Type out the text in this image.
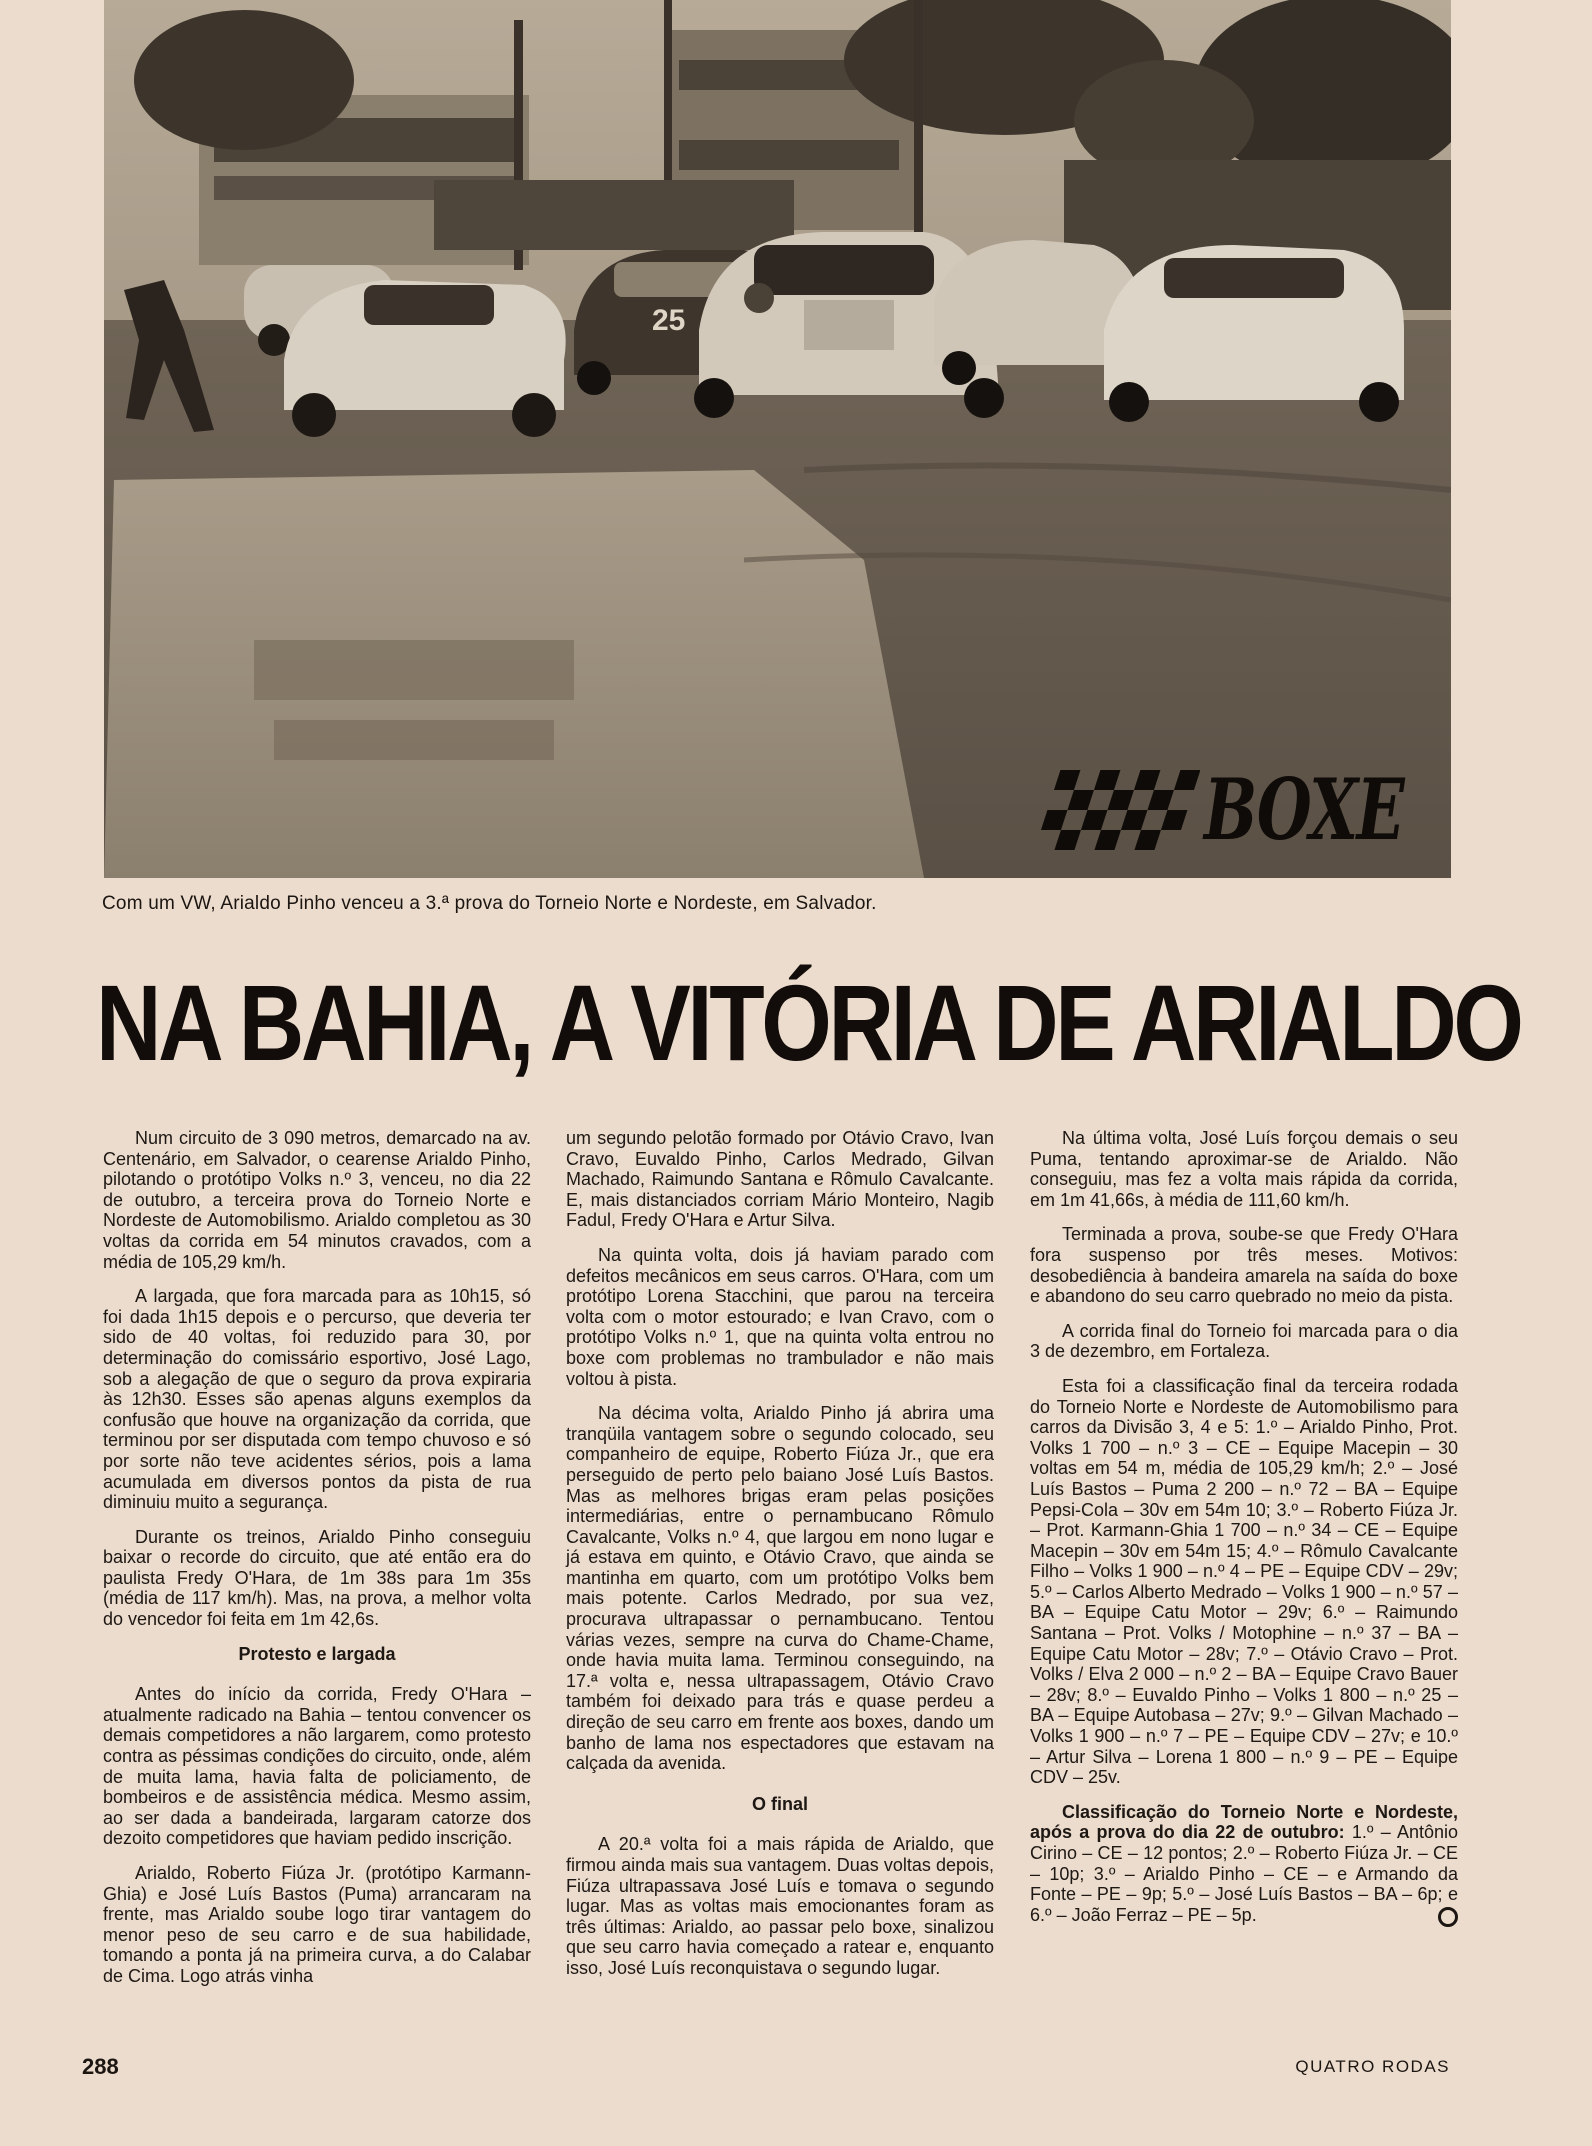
25
BOXE
Com um VW, Arialdo Pinho venceu a 3.ª prova do Torneio Norte e Nordeste, em Salvador.
NA BAHIA, A VITÓRIA DE ARIALDO

Num circuito de 3 090 metros, demarcado na av. Centenário, em Salvador, o cearense Arialdo Pinho, pilotando o protótipo Volks n.º 3, venceu, no dia 22 de outubro, a terceira prova do Torneio Norte e Nordeste de Automobilismo. Arialdo completou as 30 voltas da corrida em 54 minutos cravados, com a média de 105,29 km/h.

A largada, que fora marcada para as 10h15, só foi dada 1h15 depois e o percurso, que deveria ter sido de 40 voltas, foi reduzido para 30, por determinação do comissário esportivo, José Lago, sob a alegação de que o seguro da prova expiraria às 12h30. Esses são apenas alguns exemplos da confusão que houve na organização da corrida, que terminou por ser disputada com tempo chuvoso e só por sorte não teve acidentes sérios, pois a lama acumulada em diversos pontos da pista de rua diminuiu muito a segurança.

Durante os treinos, Arialdo Pinho conseguiu baixar o recorde do circuito, que até então era do paulista Fredy O'Hara, de 1m 38s para 1m 35s (média de 117 km/h). Mas, na prova, a melhor volta do vencedor foi feita em 1m 42,6s.

Protesto e largada

Antes do início da corrida, Fredy O'Hara – atualmente radicado na Bahia – tentou convencer os demais competidores a não largarem, como protesto contra as péssimas condições do circuito, onde, além de muita lama, havia falta de policiamento, de bombeiros e de assistência médica. Mesmo assim, ao ser dada a bandeirada, largaram catorze dos dezoito competidores que haviam pedido inscrição.

Arialdo, Roberto Fiúza Jr. (protótipo Karmann-Ghia) e José Luís Bastos (Puma) arrancaram na frente, mas Arialdo soube logo tirar vantagem do menor peso de seu carro e de sua habilidade, tomando a ponta já na primeira curva, a do Calabar de Cima. Logo atrás vinha

um segundo pelotão formado por Otávio Cravo, Ivan Cravo, Euvaldo Pinho, Carlos Medrado, Gilvan Machado, Raimundo Santana e Rômulo Cavalcante. E, mais distanciados corriam Mário Monteiro, Nagib Fadul, Fredy O'Hara e Artur Silva.

Na quinta volta, dois já haviam parado com defeitos mecânicos em seus carros. O'Hara, com um protótipo Lorena Stacchini, que parou na terceira volta com o motor estourado; e Ivan Cravo, com o protótipo Volks n.º 1, que na quinta volta entrou no boxe com problemas no trambulador e não mais voltou à pista.

Na décima volta, Arialdo Pinho já abrira uma tranqüila vantagem sobre o segundo colocado, seu companheiro de equipe, Roberto Fiúza Jr., que era perseguido de perto pelo baiano José Luís Bastos. Mas as melhores brigas eram pelas posições intermediárias, entre o pernambucano Rômulo Cavalcante, Volks n.º 4, que largou em nono lugar e já estava em quinto, e Otávio Cravo, que ainda se mantinha em quarto, com um protótipo Volks bem mais potente. Carlos Medrado, por sua vez, procurava ultrapassar o pernambucano. Tentou várias vezes, sempre na curva do Chame-Chame, onde havia muita lama. Terminou conseguindo, na 17.ª volta e, nessa ultrapassagem, Otávio Cravo também foi deixado para trás e quase perdeu a direção de seu carro em frente aos boxes, dando um banho de lama nos espectadores que estavam na calçada da avenida.

O final

A 20.ª volta foi a mais rápida de Arialdo, que firmou ainda mais sua vantagem. Duas voltas depois, Fiúza ultrapassava José Luís e tomava o segundo lugar. Mas as voltas mais emocionantes foram as três últimas: Arialdo, ao passar pelo boxe, sinalizou que seu carro havia começado a ratear e, enquanto isso, José Luís reconquistava o segundo lugar.

Na última volta, José Luís forçou demais o seu Puma, tentando aproximar-se de Arialdo. Não conseguiu, mas fez a volta mais rápida da corrida, em 1m 41,66s, à média de 111,60 km/h.

Terminada a prova, soube-se que Fredy O'Hara fora suspenso por três meses. Motivos: desobediência à bandeira amarela na saída do boxe e abandono do seu carro quebrado no meio da pista.

A corrida final do Torneio foi marcada para o dia 3 de dezembro, em Fortaleza.

Esta foi a classificação final da terceira rodada do Torneio Norte e Nordeste de Automobilismo para carros da Divisão 3, 4 e 5: 1.º – Arialdo Pinho, Prot. Volks 1 700 – n.º 3 – CE – Equipe Macepin – 30 voltas em 54 m, média de 105,29 km/h; 2.º – José Luís Bastos – Puma 2 200 – n.º 72 – BA – Equipe Pepsi-Cola – 30v em 54m 10; 3.º – Roberto Fiúza Jr. – Prot. Karmann-Ghia 1 700 – n.º 34 – CE – Equipe Macepin – 30v em 54m 15; 4.º – Rômulo Cavalcante Filho – Volks 1 900 – n.º 4 – PE – Equipe CDV – 29v; 5.º – Carlos Alberto Medrado – Volks 1 900 – n.º 57 – BA – Equipe Catu Motor – 29v; 6.º – Raimundo Santana – Prot. Volks / Motophine – n.º 37 – BA – Equipe Catu Motor – 28v; 7.º – Otávio Cravo – Prot. Volks / Elva 2 000 – n.º 2 – BA – Equipe Cravo Bauer – 28v; 8.º – Euvaldo Pinho – Volks 1 800 – n.º 25 – BA – Equipe Autobasa – 27v; 9.º – Gilvan Machado – Volks 1 900 – n.º 7 – PE – Equipe CDV – 27v; e 10.º – Artur Silva – Lorena 1 800 – n.º 9 – PE – Equipe CDV – 25v.

Classificação do Torneio Norte e Nordeste, após a prova do dia 22 de outubro: 1.º – Antônio Cirino – CE – 12 pontos; 2.º – Roberto Fiúza Jr. – CE – 10p; 3.º – Arialdo Pinho – CE – e Armando da Fonte – PE – 9p; 5.º – José Luís Bastos – BA – 6p; e 6.º – João Ferraz – PE – 5p.

288	QUATRO RODAS
